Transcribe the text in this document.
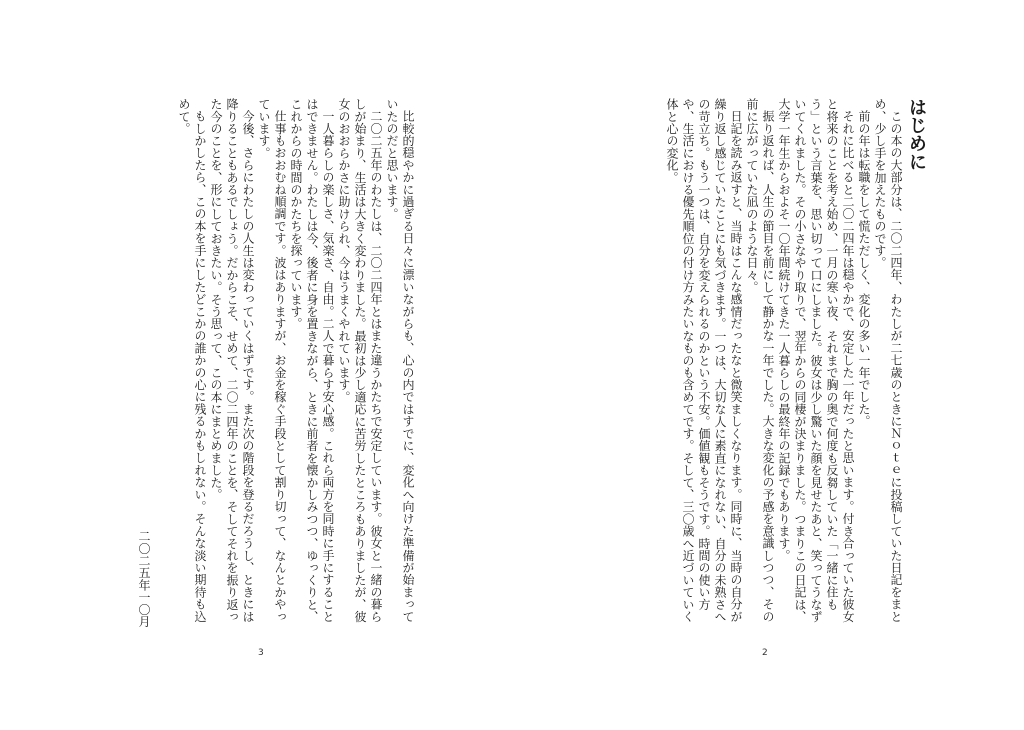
比較的穏やかに過ぎる日々に漂いながらも、心の内ではすでに、変化へ向けた準備が始まっていたのだと思います。

二〇二五年のわたしは、二〇二四年とはまた違うかたちで安定しています。彼女と一緒の暮らしが始まり、生活は大きく変わりました。最初は少し適応に苦労したところもありましたが、彼女のおおらかさに助けられ、今はうまくやれています。

一人暮らしの楽しさ、気楽さ、自由。二人で暮らす安心感。これら両方を同時に手にすることはできません。わたしは今、後者に身を置きながら、ときに前者を懐かしみつつ、ゆっくりと、これからの時間のかたちを探っています。

仕事もおおむね順調です。波はありますが、お金を稼ぐ手段として割り切って、なんとかやっています。

今後、さらにわたしの人生は変わっていくはずです。また次の階段を登るだろうし、ときには降りることもあるでしょう。だからこそ、せめて、二〇二四年のことを、そしてそれを振り返った今のことを、形にしておきたい。そう思って、この本にまとめました。

もしかしたら、この本を手にしたどこかの誰かの心に残るかもしれない。そんな淡い期待も込めて。

二〇二五年一〇月

3

はじめに

この本の大部分は、二〇二四年、わたしが二七歳のときにＮｏｔｅに投稿していた日記をまとめ、少し手を加えたものです。

前の年は転職をして慌ただしく、変化の多い一年でした。

それに比べると二〇二四年は穏やかで、安定した一年だったと思います。付き合っていた彼女と将来のことを考え始め、一月の寒い夜、それまで胸の奥で何度も反芻していた「一緒に住もう」という言葉を、思い切って口にしました。彼女は少し驚いた顔を見せたあと、笑ってうなずいてくれました。その小さなやり取りで、翌年からの同棲が決まりました。つまりこの日記は、大学一年生からおよそ一〇年間続けてきた一人暮らしの最終年の記録でもあります。

振り返れば、人生の節目を前にして静かな一年でした。大きな変化の予感を意識しつつ、その前に広がっていた凪のような日々。

日記を読み返すと、当時はこんな感情だったなと微笑ましくなります。同時に、当時の自分が繰り返し感じていたことにも気づきます。一つは、大切な人に素直になれない、自分の未熟さへの苛立ち。もう一つは、自分を変えられるのかという不安。価値観もそうです。時間の使い方や、生活における優先順位の付け方みたいなものも含めてです。そして、三〇歳へ近づいていく体と心の変化。

2
